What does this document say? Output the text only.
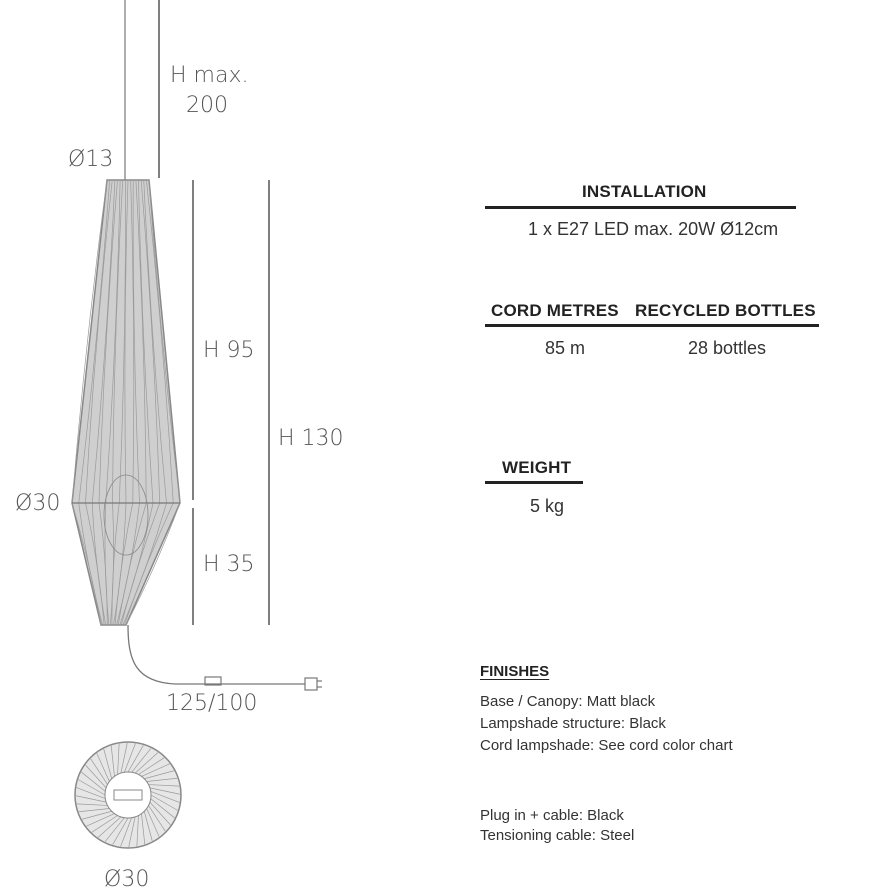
H max.
200
Ø13
Ø30
H 95
H 130
H 35
125/100
Ø30
INSTALLATION
1 x E27 LED max. 20W Ø12cm
CORD METRES RECYCLED BOTTLES
85 m	28 bottles
WEIGHT
5 kg
FINISHES
Base / Canopy: Matt black
Lampshade structure: Black
Cord lampshade: See cord color chart
Plug in + cable: Black
Tensioning cable: Steel
